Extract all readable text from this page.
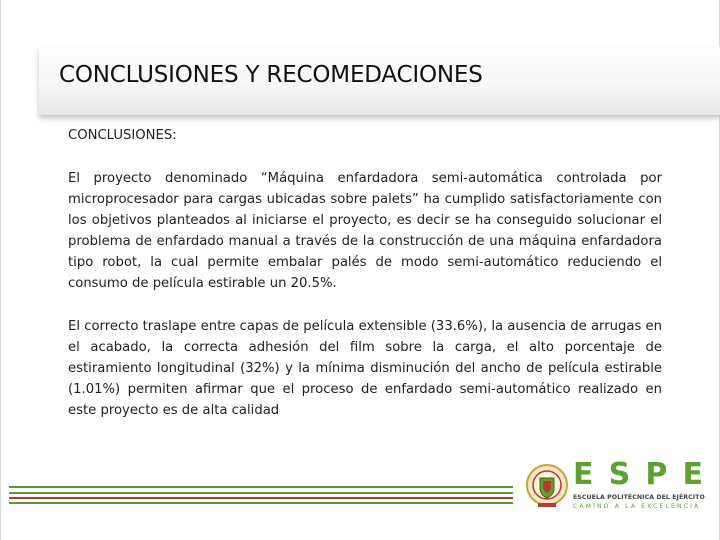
CONCLUSIONES Y RECOMEDACIONES

CONCLUSIONES:

El proyecto denominado “Máquina enfardadora semi-automática controlada por microprocesador para cargas ubicadas sobre palets” ha cumplido satisfactoriamente con los objetivos planteados al iniciarse el proyecto, es decir se ha conseguido solucionar el problema de enfardado manual a través de la construcción de una máquina enfardadora tipo robot, la cual permite embalar palés de modo semi-automático reduciendo el consumo de película estirable un 20.5%.

El correcto traslape entre capas de película extensible (33.6%), la ausencia de arrugas en el acabado, la correcta adhesión del film sobre la carga, el alto porcentaje de estiramiento longitudinal (32%) y la mínima disminución del ancho de película estirable (1.01%) permiten afirmar que el proceso de enfardado semi-automático realizado en este proyecto es de alta calidad

E S P E
ESCUELA POLITÉCNICA DEL EJÉRCITO
CAMINO A LA EXCELENCIA
